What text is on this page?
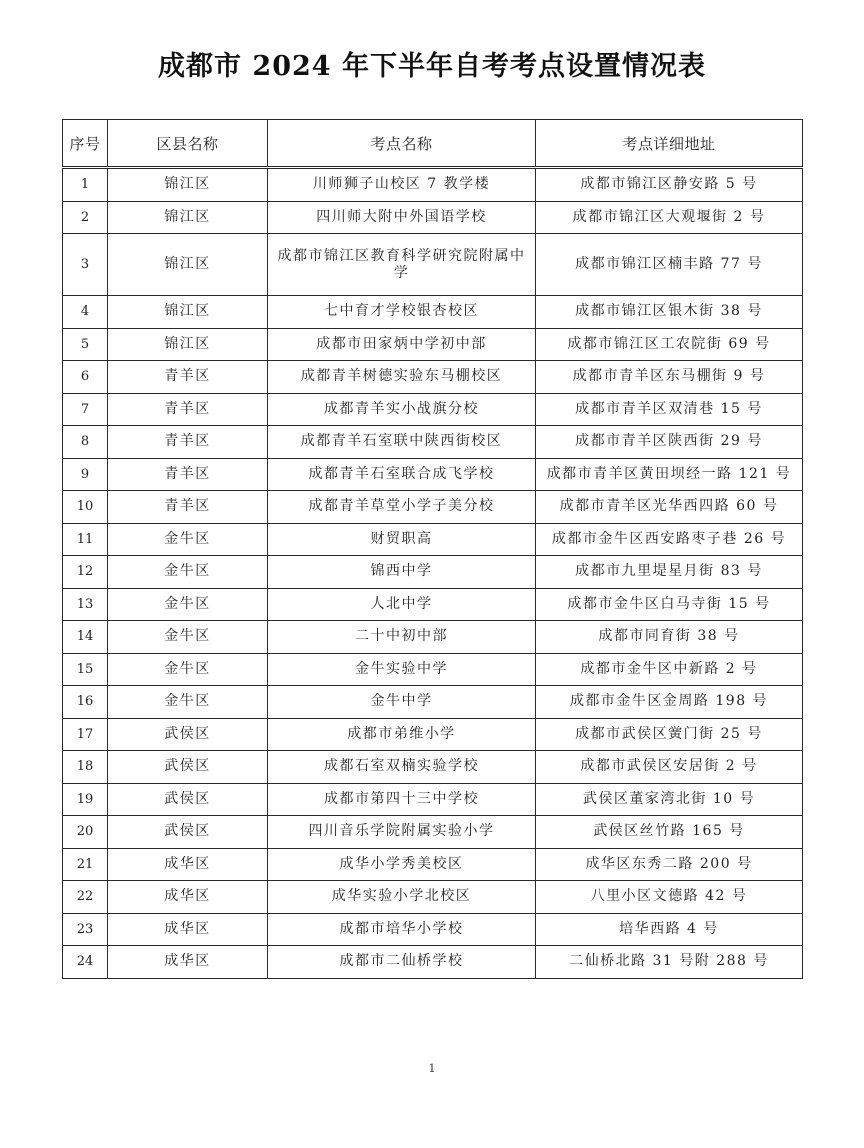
成都市 2024 年下半年自考考点设置情况表
序号	区县名称	考点名称	考点详细地址
1	锦江区	川师狮子山校区 7 教学楼	成都市锦江区静安路 5 号
2	锦江区	四川师大附中外国语学校	成都市锦江区大观堰街 2 号
3	锦江区	成都市锦江区教育科学研究院附属中学	成都市锦江区楠丰路 77 号
4	锦江区	七中育才学校银杏校区	成都市锦江区银木街 38 号
5	锦江区	成都市田家炳中学初中部	成都市锦江区工农院街 69 号
6	青羊区	成都青羊树德实验东马棚校区	成都市青羊区东马棚街 9 号
7	青羊区	成都青羊实小战旗分校	成都市青羊区双清巷 15 号
8	青羊区	成都青羊石室联中陕西街校区	成都市青羊区陕西街 29 号
9	青羊区	成都青羊石室联合成飞学校	成都市青羊区黄田坝经一路 121 号
10	青羊区	成都青羊草堂小学子美分校	成都市青羊区光华西四路 60 号
11	金牛区	财贸职高	成都市金牛区西安路枣子巷 26 号
12	金牛区	锦西中学	成都市九里堤星月街 83 号
13	金牛区	人北中学	成都市金牛区白马寺街 15 号
14	金牛区	二十中初中部	成都市同育街 38 号
15	金牛区	金牛实验中学	成都市金牛区中新路 2 号
16	金牛区	金牛中学	成都市金牛区金周路 198 号
17	武侯区	成都市弟维小学	成都市武侯区黉门街 25 号
18	武侯区	成都石室双楠实验学校	成都市武侯区安居街 2 号
19	武侯区	成都市第四十三中学校	武侯区董家湾北街 10 号
20	武侯区	四川音乐学院附属实验小学	武侯区丝竹路 165 号
21	成华区	成华小学秀美校区	成华区东秀二路 200 号
22	成华区	成华实验小学北校区	八里小区文德路 42 号
23	成华区	成都市培华小学校	培华西路 4 号
24	成华区	成都市二仙桥学校	二仙桥北路 31 号附 288 号
1
